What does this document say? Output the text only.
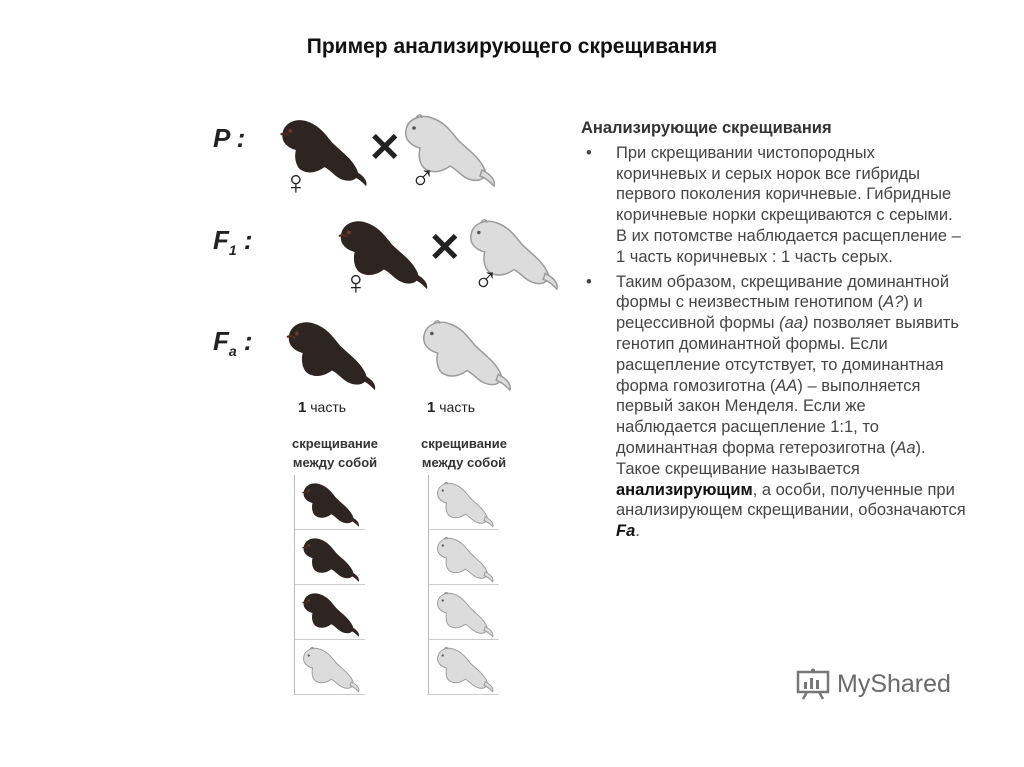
Пример анализирующего скрещивания
P :
$F_1$ :
$F_a$ :
✕
♀	♂
✕
♀	♂
1 часть	1 часть
скрещивание
между собой
скрещивание
между собой
Анализирующие скрещивания
• При скрещивании чистопородных коричневых и серых норок все гибриды первого поколения коричневые. Гибридные коричневые норки скрещиваются с серыми. В их потомстве наблюдается расщепление – 1 часть коричневых : 1 часть серых.
• Таким образом, скрещивание доминантной формы с неизвестным генотипом (А?) и рецессивной формы (аа) позволяет выявить генотип доминантной формы. Если расщепление отсутствует, то доминантная форма гомозиготна (АА) – выполняется первый закон Менделя. Если же наблюдается расщепление 1:1, то доминантная форма гетерозиготна (Аа). Такое скрещивание называется анализирующим, а особи, полученные при анализирующем скрещивании, обозначаются Fa.
MyShared
